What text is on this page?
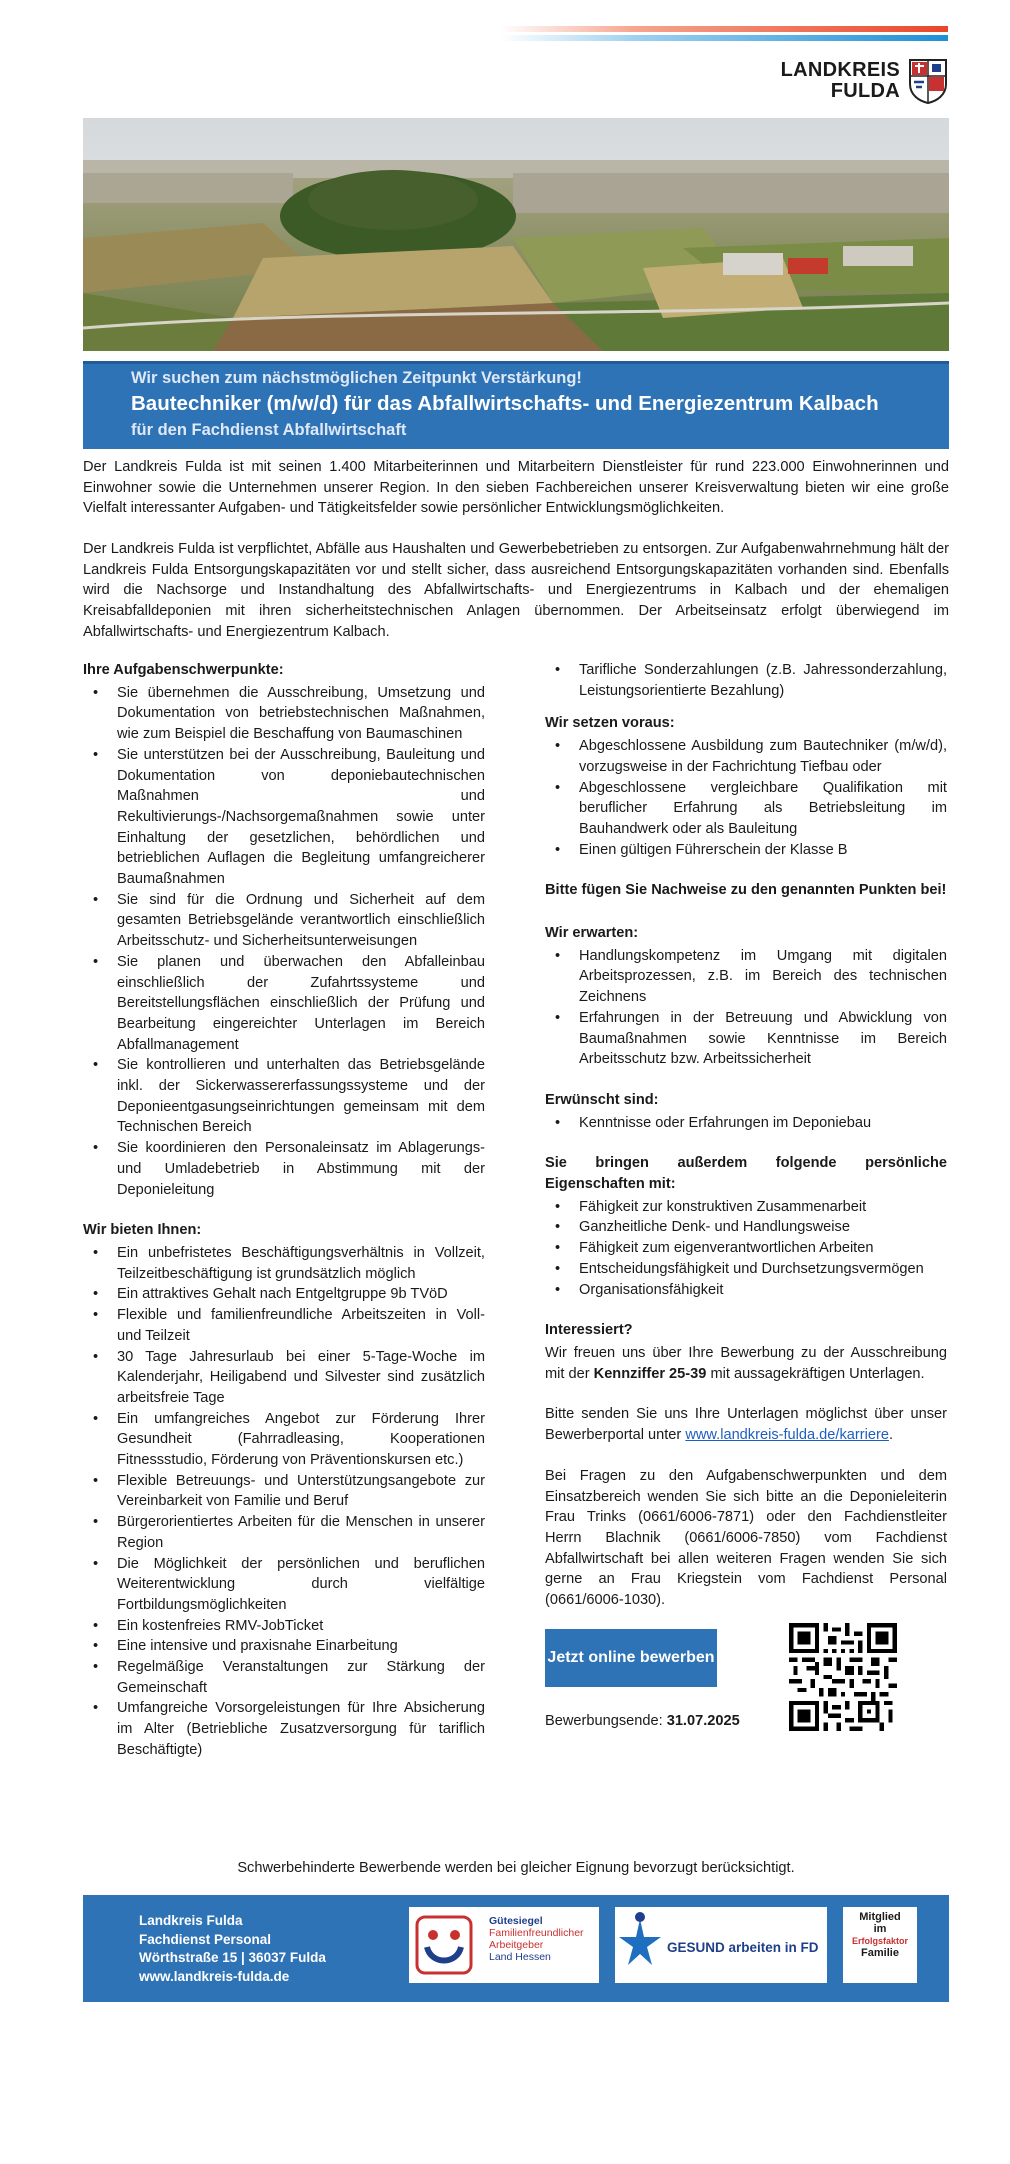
LANDKREIS
FULDA
Wir suchen zum nächstmöglichen Zeitpunkt Verstärkung!
Bautechniker (m/w/d) für das Abfallwirtschafts- und Energiezentrum Kalbach
für den Fachdienst Abfallwirtschaft
Der Landkreis Fulda ist mit seinen 1.400 Mitarbeiterinnen und Mitarbeitern Dienstleister für rund 223.000 Einwohnerinnen und Einwohner sowie die Unternehmen unserer Region. In den sieben Fachbereichen unserer Kreisverwaltung bieten wir eine große Vielfalt interessanter Aufgaben- und Tätigkeitsfelder sowie persönlicher Entwicklungsmöglichkeiten.
Der Landkreis Fulda ist verpflichtet, Abfälle aus Haushalten und Gewerbebetrieben zu entsorgen. Zur Aufgabenwahrnehmung hält der Landkreis Fulda Entsorgungskapazitäten vor und stellt sicher, dass ausreichend Entsorgungskapazitäten vorhanden sind. Ebenfalls wird die Nachsorge und Instandhaltung des Abfallwirtschafts- und Energiezentrums in Kalbach und der ehemaligen Kreisabfalldeponien mit ihren sicherheitstechnischen Anlagen übernommen. Der Arbeitseinsatz erfolgt überwiegend im Abfallwirtschafts- und Energiezentrum Kalbach.
Ihre Aufgabenschwerpunkte:
• Sie übernehmen die Ausschreibung, Umsetzung und Dokumentation von betriebstechnischen Maßnahmen, wie zum Beispiel die Beschaffung von Baumaschinen
• Sie unterstützen bei der Ausschreibung, Bauleitung und Dokumentation von deponiebautechnischen Maßnahmen und Rekultivierungs-/Nachsorgemaßnahmen sowie unter Einhaltung der gesetzlichen, behördlichen und betrieblichen Auflagen die Begleitung umfangreicherer Baumaßnahmen
• Sie sind für die Ordnung und Sicherheit auf dem gesamten Betriebsgelände verantwortlich einschließlich Arbeitsschutz- und Sicherheitsunterweisungen
• Sie planen und überwachen den Abfalleinbau einschließlich der Zufahrtssysteme und Bereitstellungsflächen einschließlich der Prüfung und Bearbeitung eingereichter Unterlagen im Bereich Abfallmanagement
• Sie kontrollieren und unterhalten das Betriebsgelände inkl. der Sickerwassererfassungssysteme und der Deponieentgasungseinrichtungen gemeinsam mit dem Technischen Bereich
• Sie koordinieren den Personaleinsatz im Ablagerungs- und Umladebetrieb in Abstimmung mit der Deponieleitung
Wir bieten Ihnen:
• Ein unbefristetes Beschäftigungsverhältnis in Vollzeit, Teilzeitbeschäftigung ist grundsätzlich möglich
• Ein attraktives Gehalt nach Entgeltgruppe 9b TVöD
• Flexible und familienfreundliche Arbeitszeiten in Voll- und Teilzeit
• 30 Tage Jahresurlaub bei einer 5-Tage-Woche im Kalenderjahr, Heiligabend und Silvester sind zusätzlich arbeitsfreie Tage
• Ein umfangreiches Angebot zur Förderung Ihrer Gesundheit (Fahrradleasing, Kooperationen Fitnessstudio, Förderung von Präventionskursen etc.)
• Flexible Betreuungs- und Unterstützungsangebote zur Vereinbarkeit von Familie und Beruf
• Bürgerorientiertes Arbeiten für die Menschen in unserer Region
• Die Möglichkeit der persönlichen und beruflichen Weiterentwicklung durch vielfältige Fortbildungsmöglichkeiten
• Ein kostenfreies RMV-JobTicket
• Eine intensive und praxisnahe Einarbeitung
• Regelmäßige Veranstaltungen zur Stärkung der Gemeinschaft
• Umfangreiche Vorsorgeleistungen für Ihre Absicherung im Alter (Betriebliche Zusatzversorgung für tariflich Beschäftigte)
• Tarifliche Sonderzahlungen (z.B. Jahressonderzahlung, Leistungsorientierte Bezahlung)
Wir setzen voraus:
• Abgeschlossene Ausbildung zum Bautechniker (m/w/d), vorzugsweise in der Fachrichtung Tiefbau oder
• Abgeschlossene vergleichbare Qualifikation mit beruflicher Erfahrung als Betriebsleitung im Bauhandwerk oder als Bauleitung
• Einen gültigen Führerschein der Klasse B
Bitte fügen Sie Nachweise zu den genannten Punkten bei!
Wir erwarten:
• Handlungskompetenz im Umgang mit digitalen Arbeitsprozessen, z.B. im Bereich des technischen Zeichnens
• Erfahrungen in der Betreuung und Abwicklung von Baumaßnahmen sowie Kenntnisse im Bereich Arbeitsschutz bzw. Arbeitssicherheit
Erwünscht sind:
• Kenntnisse oder Erfahrungen im Deponiebau
Sie bringen außerdem folgende persönliche Eigenschaften mit:
• Fähigkeit zur konstruktiven Zusammenarbeit
• Ganzheitliche Denk- und Handlungsweise
• Fähigkeit zum eigenverantwortlichen Arbeiten
• Entscheidungsfähigkeit und Durchsetzungsvermögen
• Organisationsfähigkeit
Interessiert?

Wir freuen uns über Ihre Bewerbung zu der Ausschreibung mit der Kennziffer 25-39 mit aussagekräftigen Unterlagen.

Bitte senden Sie uns Ihre Unterlagen möglichst über unser Bewerberportal unter www.landkreis-fulda.de/karriere.

Bei Fragen zu den Aufgabenschwerpunkten und dem Einsatzbereich wenden Sie sich bitte an die Deponieleiterin Frau Trinks (0661/6006-7871) oder den Fachdienstleiter Herrn Blachnik (0661/6006-7850) vom Fachdienst Abfallwirtschaft bei allen weiteren Fragen wenden Sie sich gerne an Frau Kriegstein vom Fachdienst Personal (0661/6006-1030).

Jetzt online bewerben
Bewerbungsende: 31.07.2025
Schwerbehinderte Bewerbende werden bei gleicher Eignung bevorzugt berücksichtigt.
Landkreis Fulda
Fachdienst Personal
Wörthstraße 15 | 36037 Fulda
www.landkreis-fulda.de
Gütesiegel
Familienfreundlicher
Arbeitgeber
Land Hessen
GESUND arbeiten in FD
Mitglied
im
Erfolgsfaktor
Familie
